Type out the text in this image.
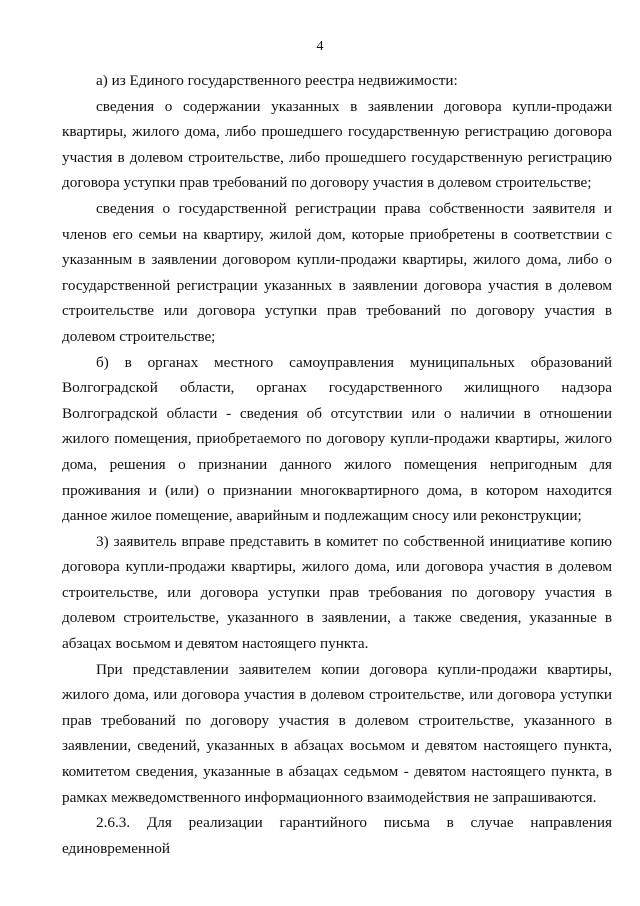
4

а) из Единого государственного реестра недвижимости:

сведения о содержании указанных в заявлении договора купли-продажи квартиры, жилого дома, либо прошедшего государственную регистрацию договора участия в долевом строительстве, либо прошедшего государственную регистрацию договора уступки прав требований по договору участия в долевом строительстве;

сведения о государственной регистрации права собственности заявителя и членов его семьи на квартиру, жилой дом, которые приобретены в соответствии с указанным в заявлении договором купли-продажи квартиры, жилого дома, либо о государственной регистрации указанных в заявлении договора участия в долевом строительстве или договора уступки прав требований по договору участия в долевом строительстве;

б) в органах местного самоуправления муниципальных образований Волгоградской области, органах государственного жилищного надзора Волгоградской области - сведения об отсутствии или о наличии в отношении жилого помещения, приобретаемого по договору купли-продажи квартиры, жилого дома, решения о признании данного жилого помещения непригодным для проживания и (или) о признании многоквартирного дома, в котором находится данное жилое помещение, аварийным и подлежащим сносу или реконструкции;

3) заявитель вправе представить в комитет по собственной инициативе копию договора купли-продажи квартиры, жилого дома, или договора участия в долевом строительстве, или договора уступки прав требования по договору участия в долевом строительстве, указанного в заявлении, а также сведения, указанные в абзацах восьмом и девятом настоящего пункта.

При представлении заявителем копии договора купли-продажи квартиры, жилого дома, или договора участия в долевом строительстве, или договора уступки прав требований по договору участия в долевом строительстве, указанного в заявлении, сведений, указанных в абзацах восьмом и девятом настоящего пункта, комитетом сведения, указанные в абзацах седьмом - девятом настоящего пункта, в рамках межведомственного информационного взаимодействия не запрашиваются.

2.6.3. Для реализации гарантийного письма в случае направления единовременной
